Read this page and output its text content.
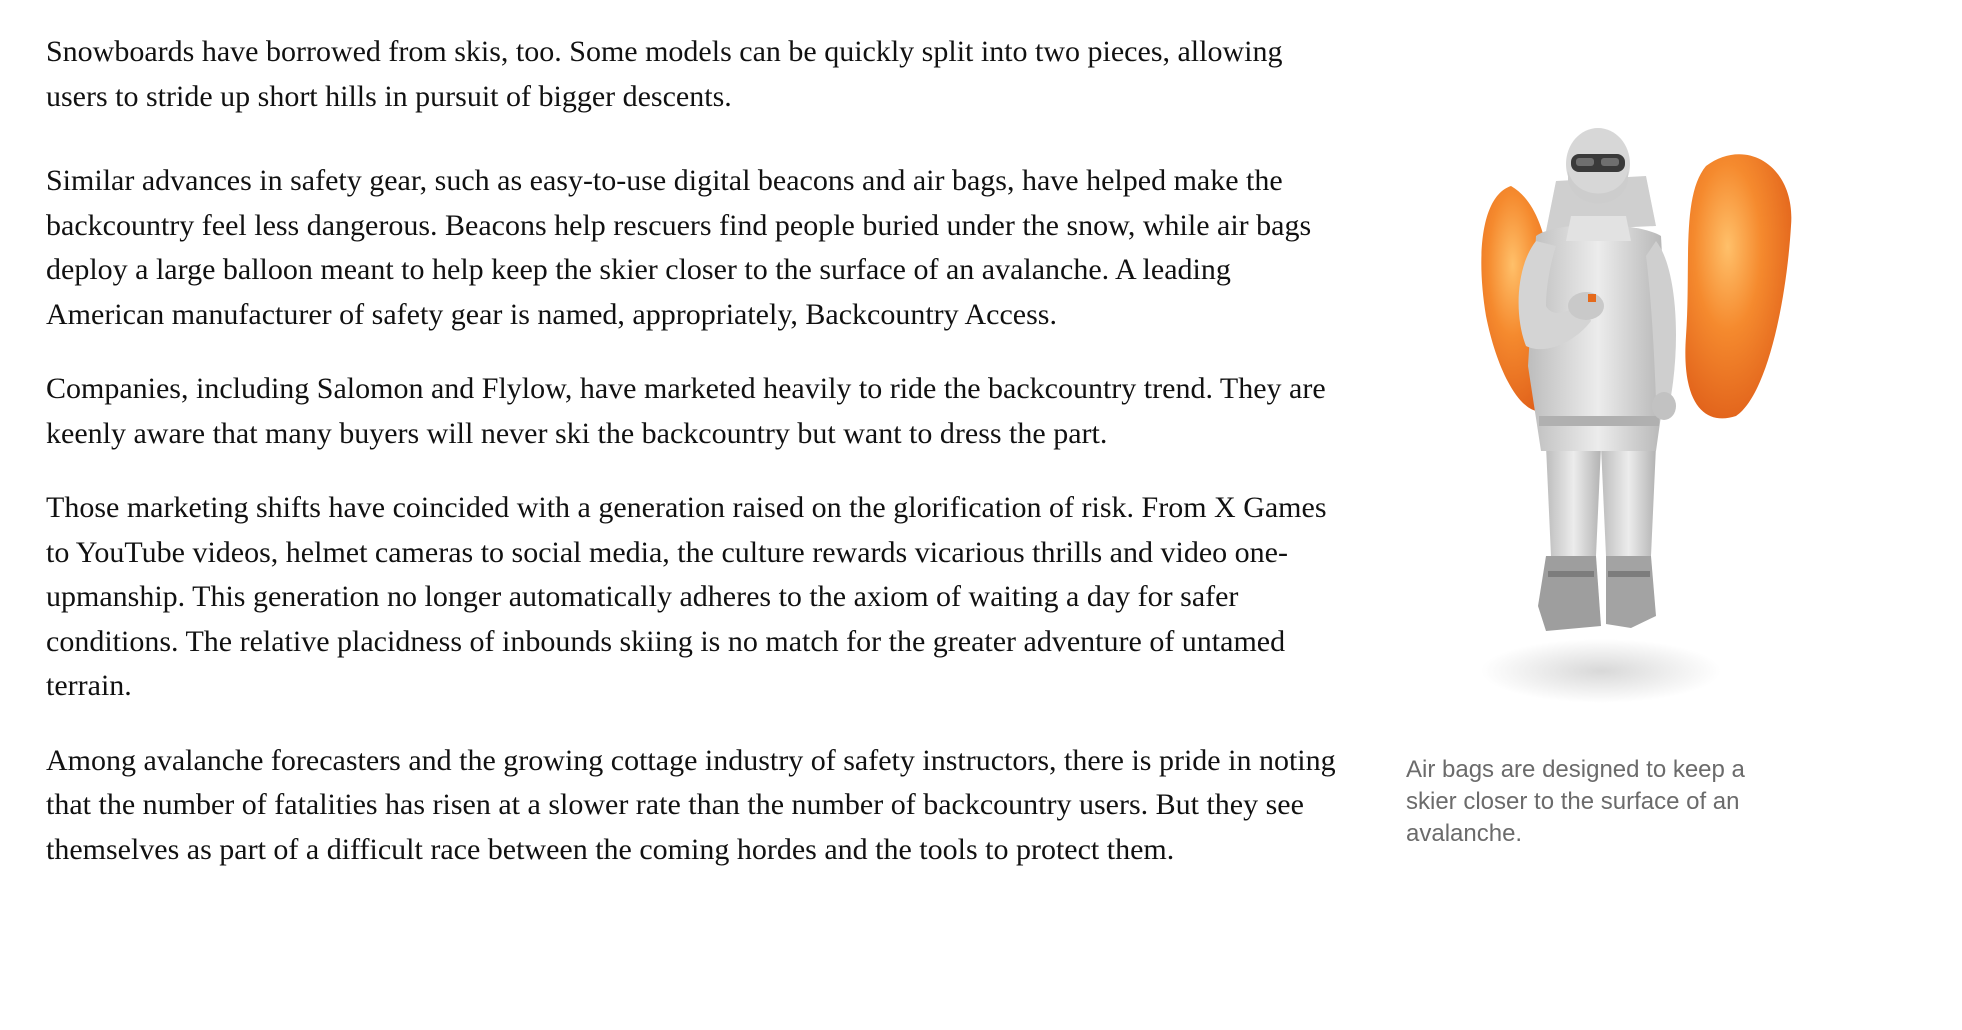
Snowboards have borrowed from skis, too. Some models can be quickly split into two pieces, allowing users to stride up short hills in pursuit of bigger descents.

Similar advances in safety gear, such as easy-to-use digital beacons and air bags, have helped make the backcountry feel less dangerous. Beacons help rescuers find people buried under the snow, while air bags deploy a large balloon meant to help keep the skier closer to the surface of an avalanche. A leading American manufacturer of safety gear is named, appropriately, Backcountry Access.

Companies, including Salomon and Flylow, have marketed heavily to ride the backcountry trend. They are keenly aware that many buyers will never ski the backcountry but want to dress the part.

Those marketing shifts have coincided with a generation raised on the glorification of risk. From X Games to YouTube videos, helmet cameras to social media, the culture rewards vicarious thrills and video one-upmanship. This generation no longer automatically adheres to the axiom of waiting a day for safer conditions. The relative placidness of inbounds skiing is no match for the greater adventure of untamed terrain.

Among avalanche forecasters and the growing cottage industry of safety instructors, there is pride in noting that the number of fatalities has risen at a slower rate than the number of backcountry users. But they see themselves as part of a difficult race between the coming hordes and the tools to protect them.

Air bags are designed to keep a skier closer to the surface of an avalanche.
